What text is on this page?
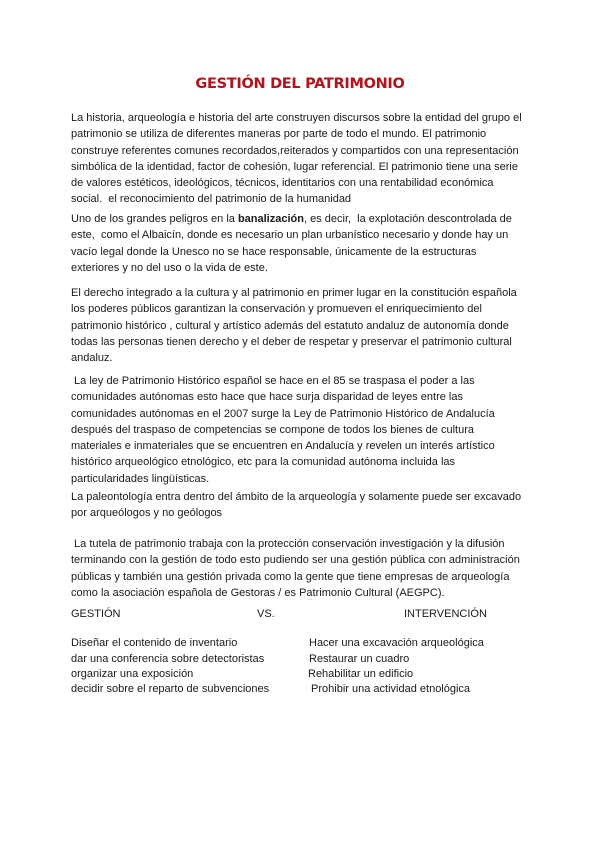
GESTIÓN DEL PATRIMONIO
La historia, arqueología e historia del arte construyen discursos sobre la entidad del grupo el
patrimonio se utiliza de diferentes maneras por parte de todo el mundo. El patrimonio
construye referentes comunes recordados,reiterados y compartidos con una representación
simbólica de la identidad, factor de cohesión, lugar referencial. El patrimonio tiene una serie
de valores estéticos, ideológicos, técnicos, identitarios con una rentabilidad económica
social.  el reconocimiento del patrimonio de la humanidad
Uno de los grandes peligros en la banalización, es decir,  la explotación descontrolada de
este,  como el Albaicín, donde es necesario un plan urbanístico necesario y donde hay un
vacío legal donde la Unesco no se hace responsable, únicamente de la estructuras
exteriores y no del uso o la vida de este.
El derecho integrado a la cultura y al patrimonio en primer lugar en la constitución española
los poderes públicos garantizan la conservación y promueven el enriquecimiento del
patrimonio histórico , cultural y artístico además del estatuto andaluz de autonomía donde
todas las personas tienen derecho y el deber de respetar y preservar el patrimonio cultural
andaluz.
La ley de Patrimonio Histórico español se hace en el 85 se traspasa el poder a las
comunidades autónomas esto hace que hace surja disparidad de leyes entre las
comunidades autónomas en el 2007 surge la Ley de Patrimonio Histórico de Andalucía
después del traspaso de competencias se compone de todos los bienes de cultura
materiales e inmateriales que se encuentren en Andalucía y revelen un interés artístico
histórico arqueológico etnológico, etc para la comunidad autónoma incluida las
particularidades lingüísticas.
La paleontología entra dentro del ámbito de la arqueología y solamente puede ser excavado
por arqueólogos y no geólogos
La tutela de patrimonio trabaja con la protección conservación investigación y la difusión
terminando con la gestión de todo esto pudiendo ser una gestión pública con administración
públicas y también una gestión privada como la gente que tiene empresas de arqueología
como la asociación española de Gestoras / es Patrimonio Cultural (AEGPC).
GESTIÓN	VS.	INTERVENCIÓN
Diseñar el contenido de inventario	Hacer una excavación arqueológica
dar una conferencia sobre detectoristas	Restaurar un cuadro
organizar una exposición	Rehabilitar un edificio
decidir sobre el reparto de subvenciones	Prohibir una actividad etnológica
